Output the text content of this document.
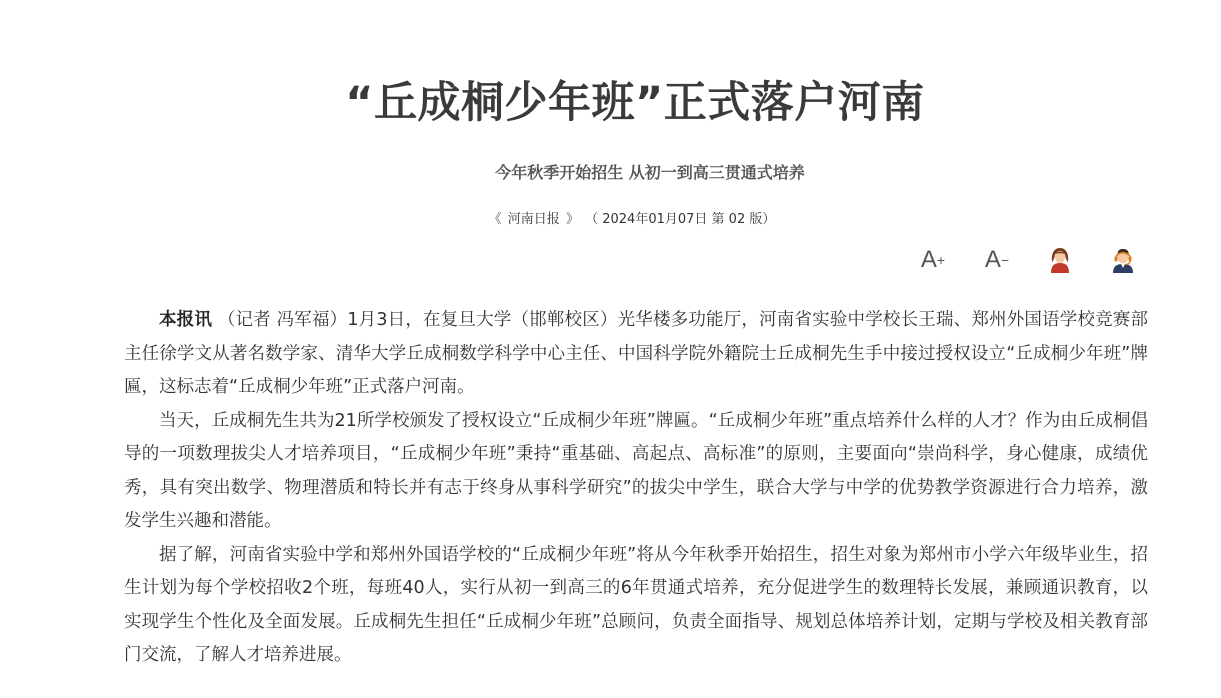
“丘成桐少年班”正式落户河南
今年秋季开始招生 从初一到高三贯通式培养
《 河南日报 》 （ 2024年01月07日 第 02 版）
A + A −

本报讯 （记者 冯军福）1月3日，在复旦大学（邯郸校区）光华楼多功能厅，河南省实验中学校长王瑞、郑州外国语学校竞赛部主任徐学文从著名数学家、清华大学丘成桐数学科学中心主任、中国科学院外籍院士丘成桐先生手中接过授权设立“丘成桐少年班”牌匾，这标志着“丘成桐少年班”正式落户河南。

当天，丘成桐先生共为21所学校颁发了授权设立“丘成桐少年班”牌匾。“丘成桐少年班”重点培养什么样的人才？作为由丘成桐倡导的一项数理拔尖人才培养项目，“丘成桐少年班”秉持“重基础、高起点、高标准”的原则，主要面向“崇尚科学，身心健康，成绩优秀，具有突出数学、物理潜质和特长并有志于终身从事科学研究”的拔尖中学生，联合大学与中学的优势教学资源进行合力培养，激发学生兴趣和潜能。

据了解，河南省实验中学和郑州外国语学校的“丘成桐少年班”将从今年秋季开始招生，招生对象为郑州市小学六年级毕业生，招生计划为每个学校招收2个班，每班40人，实行从初一到高三的6年贯通式培养，充分促进学生的数理特长发展，兼顾通识教育，以实现学生个性化及全面发展。丘成桐先生担任“丘成桐少年班”总顾问，负责全面指导、规划总体培养计划，定期与学校及相关教育部门交流，了解人才培养进展。
